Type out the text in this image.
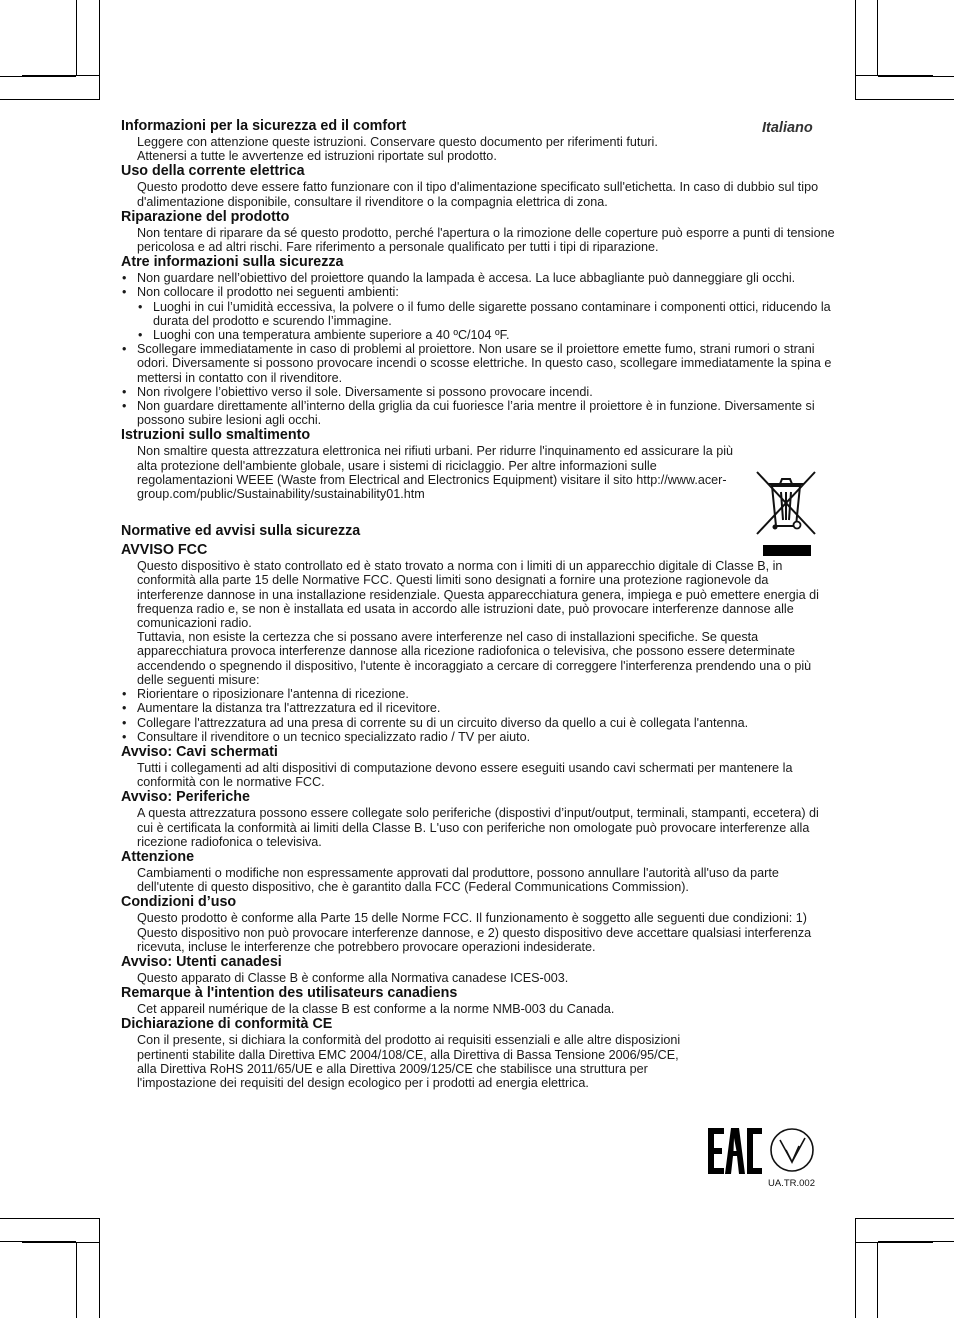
Italiano
Informazioni per la sicurezza ed il comfort

Leggere con attenzione queste istruzioni. Conservare questo documento per riferimenti futuri.

Attenersi a tutte le avvertenze ed istruzioni riportate sul prodotto.

Uso della corrente elettrica

Questo prodotto deve essere fatto funzionare con il tipo d'alimentazione specificato sull'etichetta. In caso di dubbio sul tipo d'alimentazione disponibile, consultare il rivenditore o la compagnia elettrica di zona.

Riparazione del prodotto

Non tentare di riparare da sé questo prodotto, perché l'apertura o la rimozione delle coperture può esporre a punti di tensione pericolosa e ad altri rischi. Fare riferimento a personale qualificato per tutti i tipi di riparazione.

Atre informazioni sulla sicurezza
• Non guardare nell’obiettivo del proiettore quando la lampada è accesa. La luce abbagliante può danneggiare gli occhi.
• Non collocare il prodotto nei seguenti ambienti:
• Luoghi in cui l’umidità eccessiva, la polvere o il fumo delle sigarette possano contaminare i componenti ottici, riducendo la durata del prodotto e scurendo l’immagine.
• Luoghi con una temperatura ambiente superiore a 40 ºC/104 ºF.
• Scollegare immediatamente in caso di problemi al proiettore. Non usare se il proiettore emette fumo, strani rumori o strani odori. Diversamente si possono provocare incendi o scosse elettriche. In questo caso, scollegare immediatamente la spina e mettersi in contatto con il rivenditore.
• Non rivolgere l’obiettivo verso il sole. Diversamente si possono provocare incendi.
• Non guardare direttamente all’interno della griglia da cui fuoriesce l’aria mentre il proiettore è in funzione. Diversamente si possono subire lesioni agli occhi.
Istruzioni sullo smaltimento

Non smaltire questa attrezzatura elettronica nei rifiuti urbani. Per ridurre l'inquinamento ed assicurare la più alta protezione dell'ambiente globale, usare i sistemi di riciclaggio. Per altre informazioni sulle regolamentazioni WEEE (Waste from Electrical and Electronics Equipment) visitare il sito http://www.acer-group.com/public/Sustainability/sustainability01.htm

Normative ed avvisi sulla sicurezza
AVVISO FCC

Questo dispositivo è stato controllato ed è stato trovato a norma con i limiti di un apparecchio digitale di Classe B, in conformità alla parte 15 delle Normative FCC. Questi limiti sono designati a fornire una protezione ragionevole da interferenze dannose in una installazione residenziale. Questa apparecchiatura genera, impiega e può emettere energia di frequenza radio e, se non è installata ed usata in accordo alle istruzioni date, può provocare interferenze dannose alle comunicazioni radio.

Tuttavia, non esiste la certezza che si possano avere interferenze nel caso di installazioni specifiche. Se questa apparecchiatura provoca interferenze dannose alla ricezione radiofonica o televisiva, che possono essere determinate accendendo o spegnendo il dispositivo, l'utente è incoraggiato a cercare di correggere l'interferenza prendendo una o più delle seguenti misure:

• Riorientare o riposizionare l'antenna di ricezione.
• Aumentare la distanza tra l'attrezzatura ed il ricevitore.
• Collegare l'attrezzatura ad una presa di corrente su di un circuito diverso da quello a cui è collegata l'antenna.
• Consultare il rivenditore o un tecnico specializzato radio / TV per aiuto.
Avviso: Cavi schermati

Tutti i collegamenti ad alti dispositivi di computazione devono essere eseguiti usando cavi schermati per mantenere la conformità con le normative FCC.

Avviso: Periferiche

A questa attrezzatura possono essere collegate solo periferiche (dispostivi d’input/output, terminali, stampanti, eccetera) di cui è certificata la conformità ai limiti della Classe B. L'uso con periferiche non omologate può provocare interferenze alla ricezione radiofonica o televisiva.

Attenzione

Cambiamenti o modifiche non espressamente approvati dal produttore, possono annullare l'autorità all'uso da parte dell'utente di questo dispositivo, che è garantito dalla FCC (Federal Communications Commission).

Condizioni d’uso

Questo prodotto è conforme alla Parte 15 delle Norme FCC. Il funzionamento è soggetto alle seguenti due condizioni: 1) Questo dispositivo non può provocare interferenze dannose, e 2) questo dispositivo deve accettare qualsiasi interferenza ricevuta, incluse le interferenze che potrebbero provocare operazioni indesiderate.

Avviso: Utenti canadesi

Questo apparato di Classe B è conforme alla Normativa canadese ICES-003.

Remarque à l'intention des utilisateurs canadiens

Cet appareil numérique de la classe B est conforme a la norme NMB-003 du Canada.

Dichiarazione di conformità CE

Con il presente, si dichiara la conformità del prodotto ai requisiti essenziali e alle altre disposizioni pertinenti stabilite dalla Direttiva EMC 2004/108/CE, alla Direttiva di Bassa Tensione 2006/95/CE, alla Direttiva RoHS 2011/65/UE e alla Direttiva 2009/125/CE che stabilisce una struttura per l'impostazione dei requisiti del design ecologico per i prodotti ad energia elettrica.

UA.TR.002
